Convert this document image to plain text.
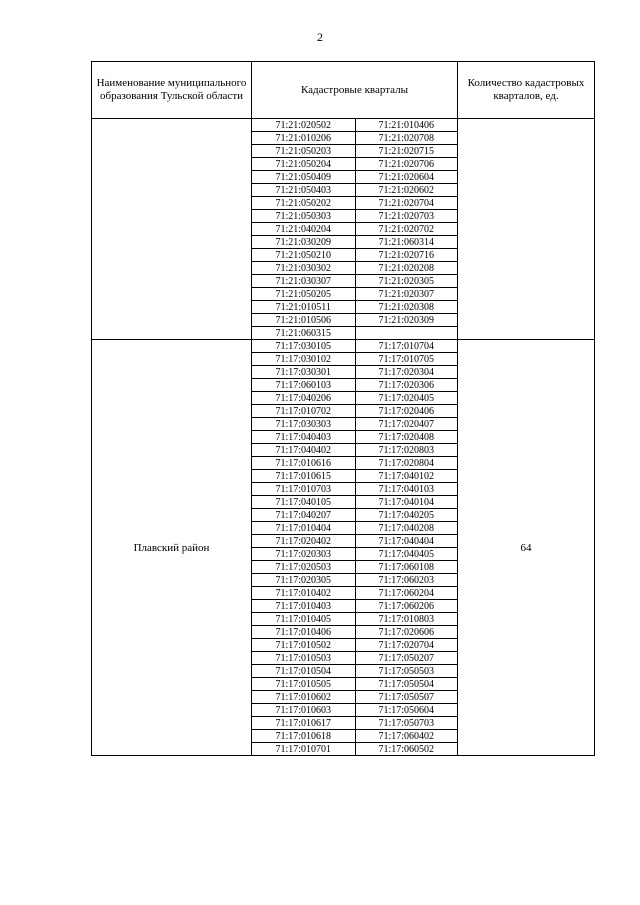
2
Наименование муниципального образования Тульской области	Кадастровые кварталы	Количество кадастровых кварталов, ед.

71:21:020502	71:21:010406
71:21:010206	71:21:020708
71:21:050203	71:21:020715
71:21:050204	71:21:020706
71:21:050409	71:21:020604
71:21:050403	71:21:020602
71:21:050202	71:21:020704
71:21:050303	71:21:020703
71:21:040204	71:21:020702
71:21:030209	71:21:060314
71:21:050210	71:21:020716
71:21:030302	71:21:020208
71:21:030307	71:21:020305
71:21:050205	71:21:020307
71:21:010511	71:21:020308
71:21:010506	71:21:020309
71:21:060315	

Плавский район	
71:17:030105	71:17:010704
71:17:030102	71:17:010705
71:17:030301	71:17:020304
71:17:060103	71:17:020306
71:17:040206	71:17:020405
71:17:010702	71:17:020406
71:17:030303	71:17:020407
71:17:040403	71:17:020408
71:17:040402	71:17:020803
71:17:010616	71:17:020804
71:17:010615	71:17:040102
71:17:010703	71:17:040103
71:17:040105	71:17:040104
71:17:040207	71:17:040205
71:17:010404	71:17:040208
71:17:020402	71:17:040404
71:17:020303	71:17:040405
71:17:020503	71:17:060108
71:17:020305	71:17:060203
71:17:010402	71:17:060204
71:17:010403	71:17:060206
71:17:010405	71:17:010803
71:17:010406	71:17:020606
71:17:010502	71:17:020704
71:17:010503	71:17:050207
71:17:010504	71:17:050503
71:17:010505	71:17:050504
71:17:010602	71:17:050507
71:17:010603	71:17:050604
71:17:010617	71:17:050703
71:17:010618	71:17:060402
71:17:010701	71:17:060502
	64
